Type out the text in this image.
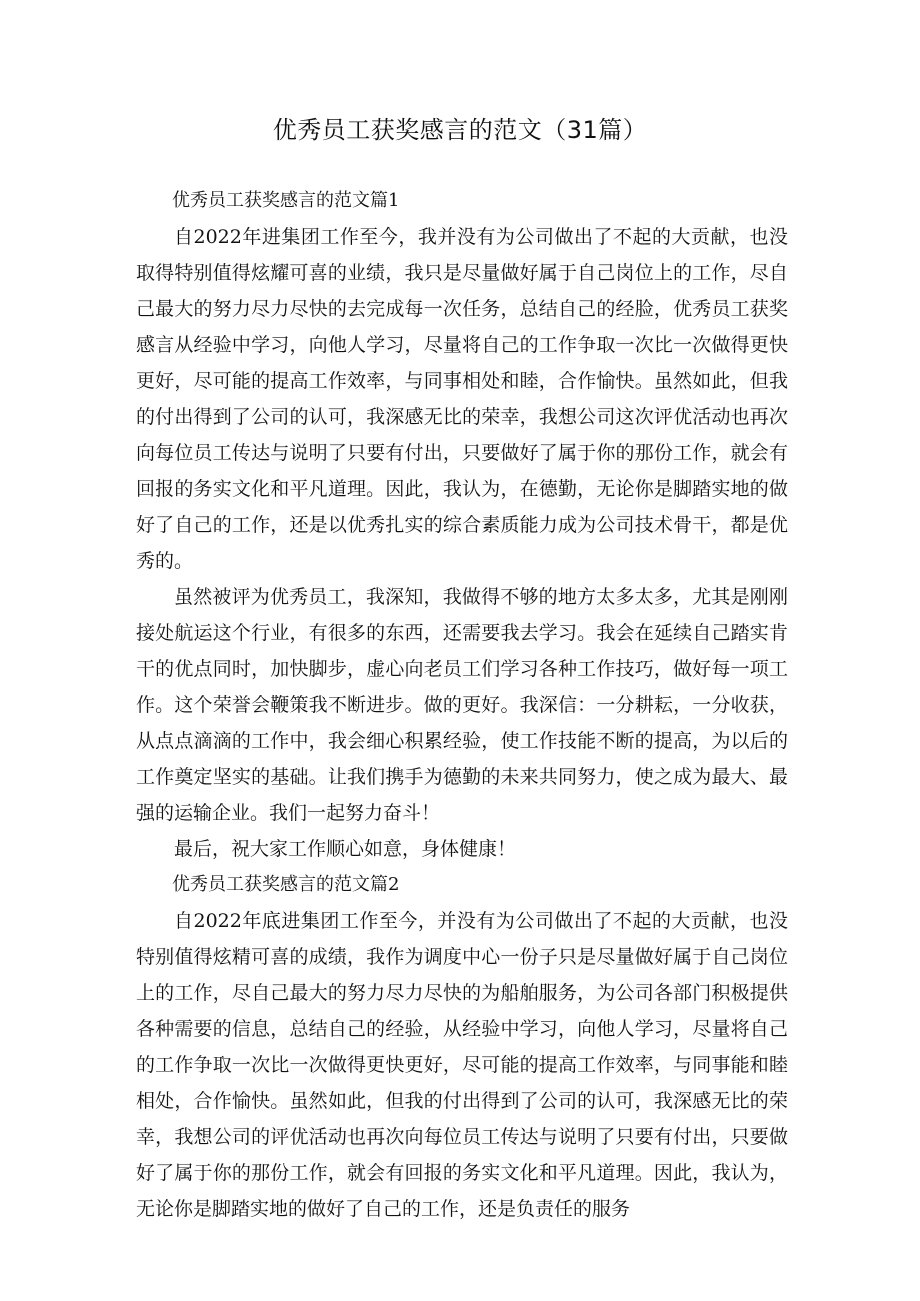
优秀员工获奖感言的范文（31篇）

优秀员工获奖感言的范文篇1

自2022年进集团工作至今，我并没有为公司做出了不起的大贡献，也没取得特别值得炫耀可喜的业绩，我只是尽量做好属于自己岗位上的工作，尽自己最大的努力尽力尽快的去完成每一次任务，总结自己的经脸，优秀员工获奖感言从经验中学习，向他人学习，尽量将自己的工作争取一次比一次做得更快更好，尽可能的提高工作效率，与同事相处和睦，合作愉快。虽然如此，但我的付出得到了公司的认可，我深感无比的荣幸，我想公司这次评优活动也再次向每位员工传达与说明了只要有付出，只要做好了属于你的那份工作，就会有回报的务实文化和平凡道理。因此，我认为，在德勤，无论你是脚踏实地的做好了自己的工作，还是以优秀扎实的综合素质能力成为公司技术骨干，都是优秀的。

虽然被评为优秀员工，我深知，我做得不够的地方太多太多，尤其是刚刚接处航运这个行业，有很多的东西，还需要我去学习。我会在延续自己踏实肯干的优点同时，加快脚步，虚心向老员工们学习各种工作技巧，做好每一项工作。这个荣誉会鞭策我不断进步。做的更好。我深信：一分耕耘，一分收获，从点点滴滴的工作中，我会细心积累经验，使工作技能不断的提高，为以后的工作奠定坚实的基础。让我们携手为德勤的未来共同努力，使之成为最大、最强的运输企业。我们一起努力奋斗！

最后，祝大家工作顺心如意，身体健康！

优秀员工获奖感言的范文篇2

自2022年底进集团工作至今，并没有为公司做出了不起的大贡献，也没特别值得炫精可喜的成绩，我作为调度中心一份子只是尽量做好属于自己岗位上的工作，尽自己最大的努力尽力尽快的为船舶服务，为公司各部门积极提供各种需要的信息，总结自己的经验，从经验中学习，向他人学习，尽量将自己的工作争取一次比一次做得更快更好，尽可能的提高工作效率，与同事能和睦相处，合作愉快。虽然如此，但我的付出得到了公司的认可，我深感无比的荣幸，我想公司的评优活动也再次向每位员工传达与说明了只要有付出，只要做好了属于你的那份工作，就会有回报的务实文化和平凡道理。因此，我认为，无论你是脚踏实地的做好了自己的工作，还是负责任的服务
